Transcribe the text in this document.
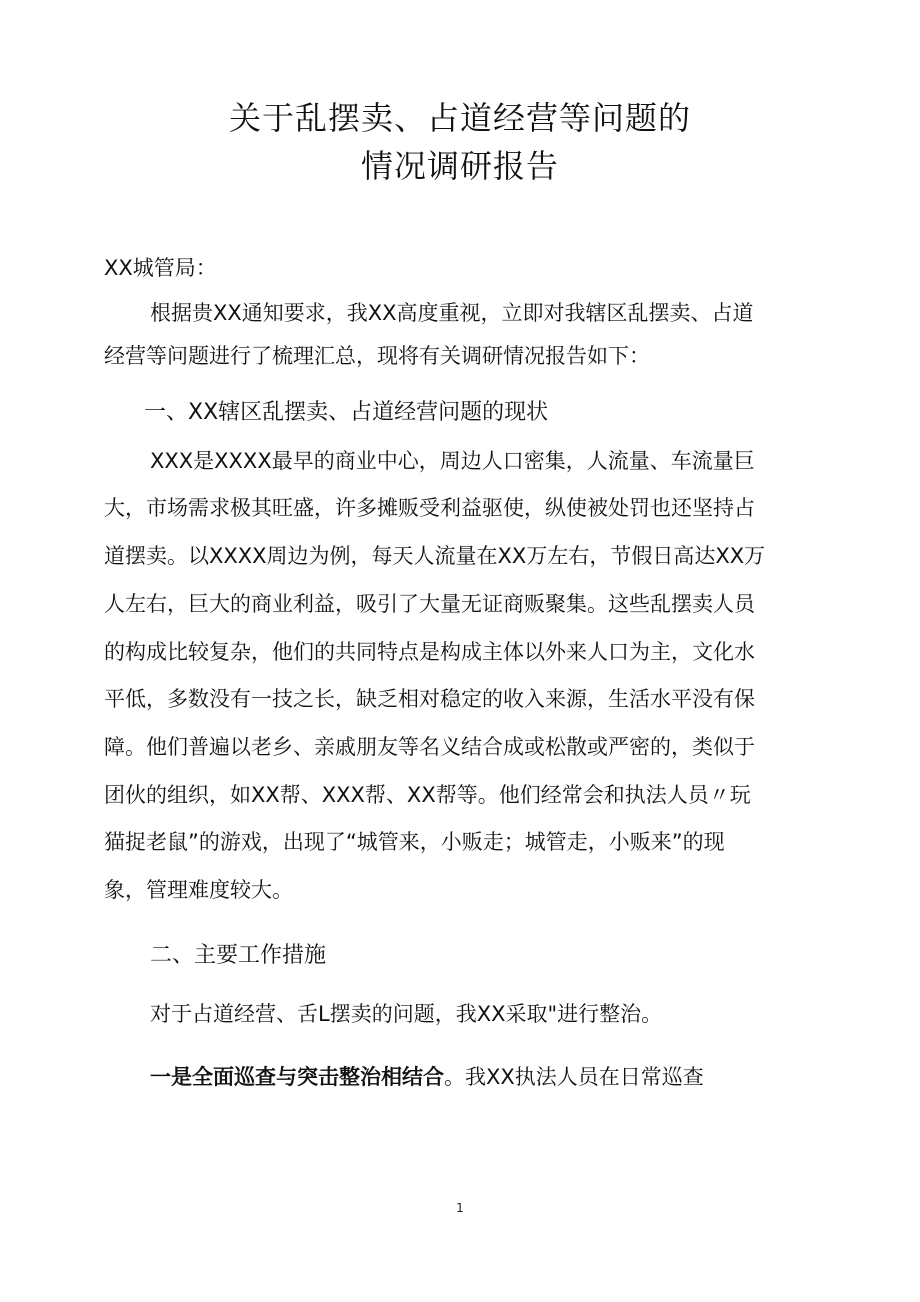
关于乱摆卖、占道经营等问题的
情况调研报告
XX城管局：
根据贵XX通知要求，我XX高度重视，立即对我辖区乱摆卖、占道
经营等问题进行了梳理汇总，现将有关调研情况报告如下：
一、XX辖区乱摆卖、占道经营问题的现状
XXX是XXXX最早的商业中心，周边人口密集，人流量、车流量巨
大，市场需求极其旺盛，许多摊贩受利益驱使，纵使被处罚也还坚持占
道摆卖。以XXXX周边为例，每天人流量在XX万左右，节假日高达XX万
人左右，巨大的商业利益，吸引了大量无证商贩聚集。这些乱摆卖人员
的构成比较复杂，他们的共同特点是构成主体以外来人口为主，文化水
平低，多数没有一技之长，缺乏相对稳定的收入来源，生活水平没有保
障。他们普遍以老乡、亲戚朋友等名义结合成或松散或严密的，类似于
团伙的组织，如XX帮、XXX帮、XX帮等。他们经常会和执法人员〃玩
猫捉老鼠”的游戏，出现了“城管来，小贩走；城管走，小贩来”的现
象，管理难度较大。
二、主要工作措施
对于占道经营、舌L摆卖的问题，我XX采取"进行整治。
一是全面巡查与突击整治相结合。我XX执法人员在日常巡查
1
